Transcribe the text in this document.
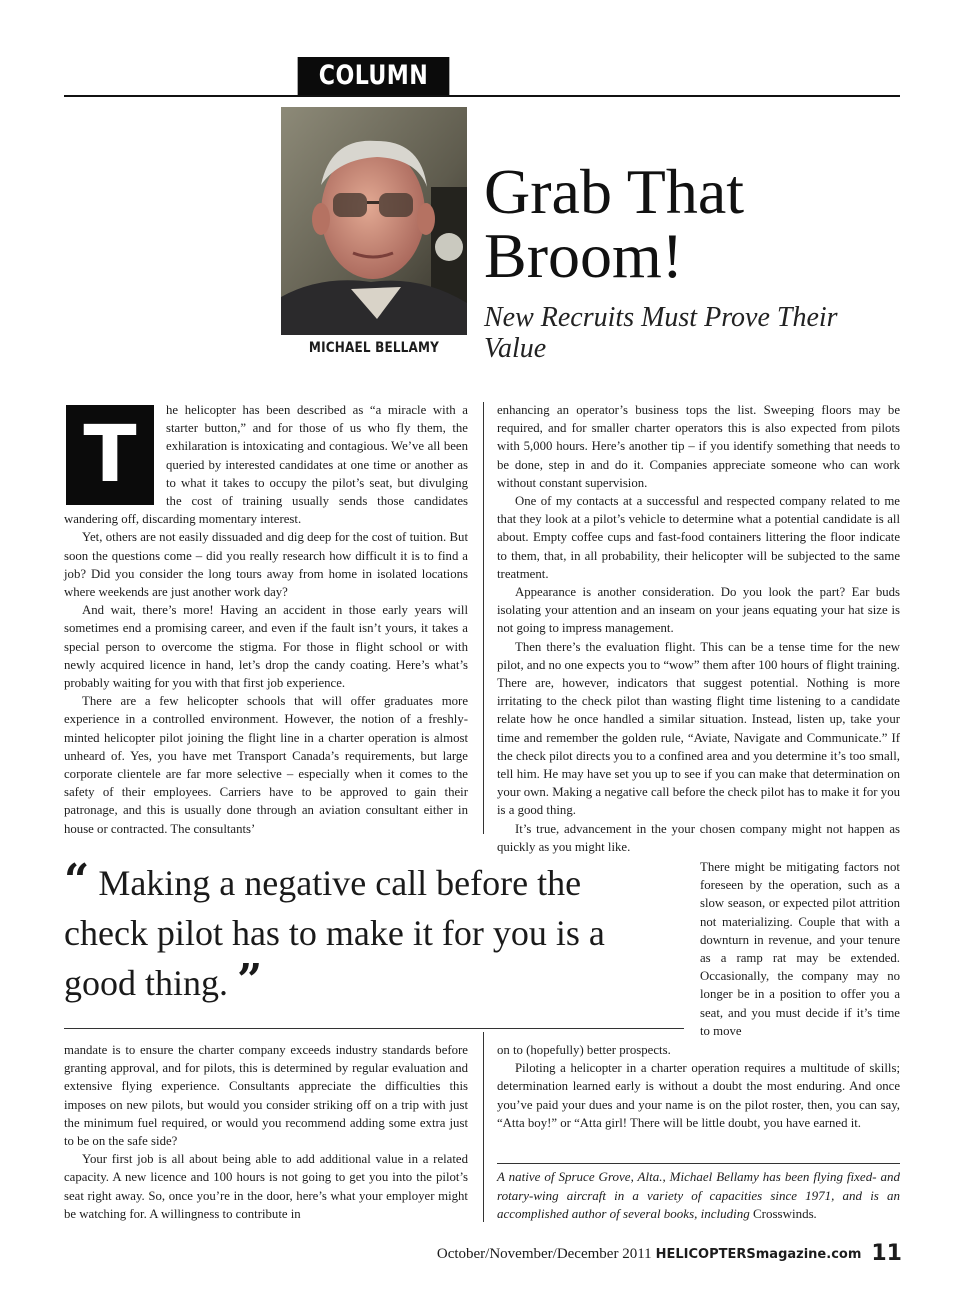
COLUMN
MICHAEL BELLAMY
Grab That Broom!
New Recruits Must Prove Their Value
T	he helicopter has been described as “a miracle with a starter button,” and for those of us who fly them, the exhilaration is intoxicating and contagious. We’ve all been queried by interested candidates at one time or another as to what it takes to occupy the pilot’s seat, but divulging the cost of training usually sends those candidates wandering off, discarding momentary interest.

Yet, others are not easily dissuaded and dig deep for the cost of tuition. But soon the questions come – did you really research how difficult it is to find a job? Did you consider the long tours away from home in isolated locations where weekends are just another work day?

And wait, there’s more! Having an accident in those early years will sometimes end a promising career, and even if the fault isn’t yours, it takes a special person to overcome the stigma. For those in flight school or with newly acquired licence in hand, let’s drop the candy coating. Here’s what’s probably waiting for you with that first job experience.

There are a few helicopter schools that will offer graduates more experience in a controlled environment. However, the notion of a freshly-minted helicopter pilot joining the flight line in a charter operation is almost unheard of. Yes, you have met Transport Canada’s requirements, but large corporate clientele are far more selective – especially when it comes to the safety of their employees. Carriers have to be approved to gain their patronage, and this is usually done through an aviation consultant either in house or contracted. The consultants’

enhancing an operator’s business tops the list. Sweeping floors may be required, and for smaller charter operators this is also expected from pilots with 5,000 hours. Here’s another tip – if you identify something that needs to be done, step in and do it. Companies appreciate someone who can work without constant supervision.

One of my contacts at a successful and respected company related to me that they look at a pilot’s vehicle to determine what a potential candidate is all about. Empty coffee cups and fast-food containers littering the floor indicate to them, that, in all probability, their helicopter will be subjected to the same treatment.

Appearance is another consideration. Do you look the part? Ear buds isolating your attention and an inseam on your jeans equating your hat size is not going to impress management.

Then there’s the evaluation flight. This can be a tense time for the new pilot, and no one expects you to “wow” them after 100 hours of flight training. There are, however, indicators that suggest potential. Nothing is more irritating to the check pilot than wasting flight time listening to a candidate relate how he once handled a similar situation. Instead, listen up, take your time and remember the golden rule, “Aviate, Navigate and Communicate.” If the check pilot directs you to a confined area and you determine it’s too small, tell him. He may have set you up to see if you can make that determination on your own. Making a negative call before the check pilot has to make it for you is a good thing.

It’s true, advancement in the your chosen company might not happen as quickly as you might like.

“ Making a negative call before the check pilot has to make it for you is a good thing. ”

There might be mitigating factors not foreseen by the operation, such as a slow season, or expected pilot attrition not materializing. Couple that with a downturn in revenue, and your tenure as a ramp rat may be extended. Occasionally, the company may no longer be in a position to offer you a seat, and you must decide if it’s time to move

mandate is to ensure the charter company exceeds industry standards before granting approval, and for pilots, this is determined by regular evaluation and extensive flying experience. Consultants appreciate the difficulties this imposes on new pilots, but would you consider striking off on a trip with just the minimum fuel required, or would you recommend adding some extra just to be on the safe side?

Your first job is all about being able to add additional value in a related capacity. A new licence and 100 hours is not going to get you into the pilot’s seat right away. So, once you’re in the door, here’s what your employer might be watching for. A willingness to contribute in

on to (hopefully) better prospects.

Piloting a helicopter in a charter operation requires a multitude of skills; determination learned early is without a doubt the most enduring. And once you’ve paid your dues and your name is on the pilot roster, then, you can say, “Atta boy!” or “Atta girl! There will be little doubt, you have earned it.

A native of Spruce Grove, Alta., Michael Bellamy has been flying fixed- and rotary-wing aircraft in a variety of capacities since 1971, and is an accomplished author of several books, including Crosswinds.
October/November/December 2011 HELICOPTERSmagazine.com 11
